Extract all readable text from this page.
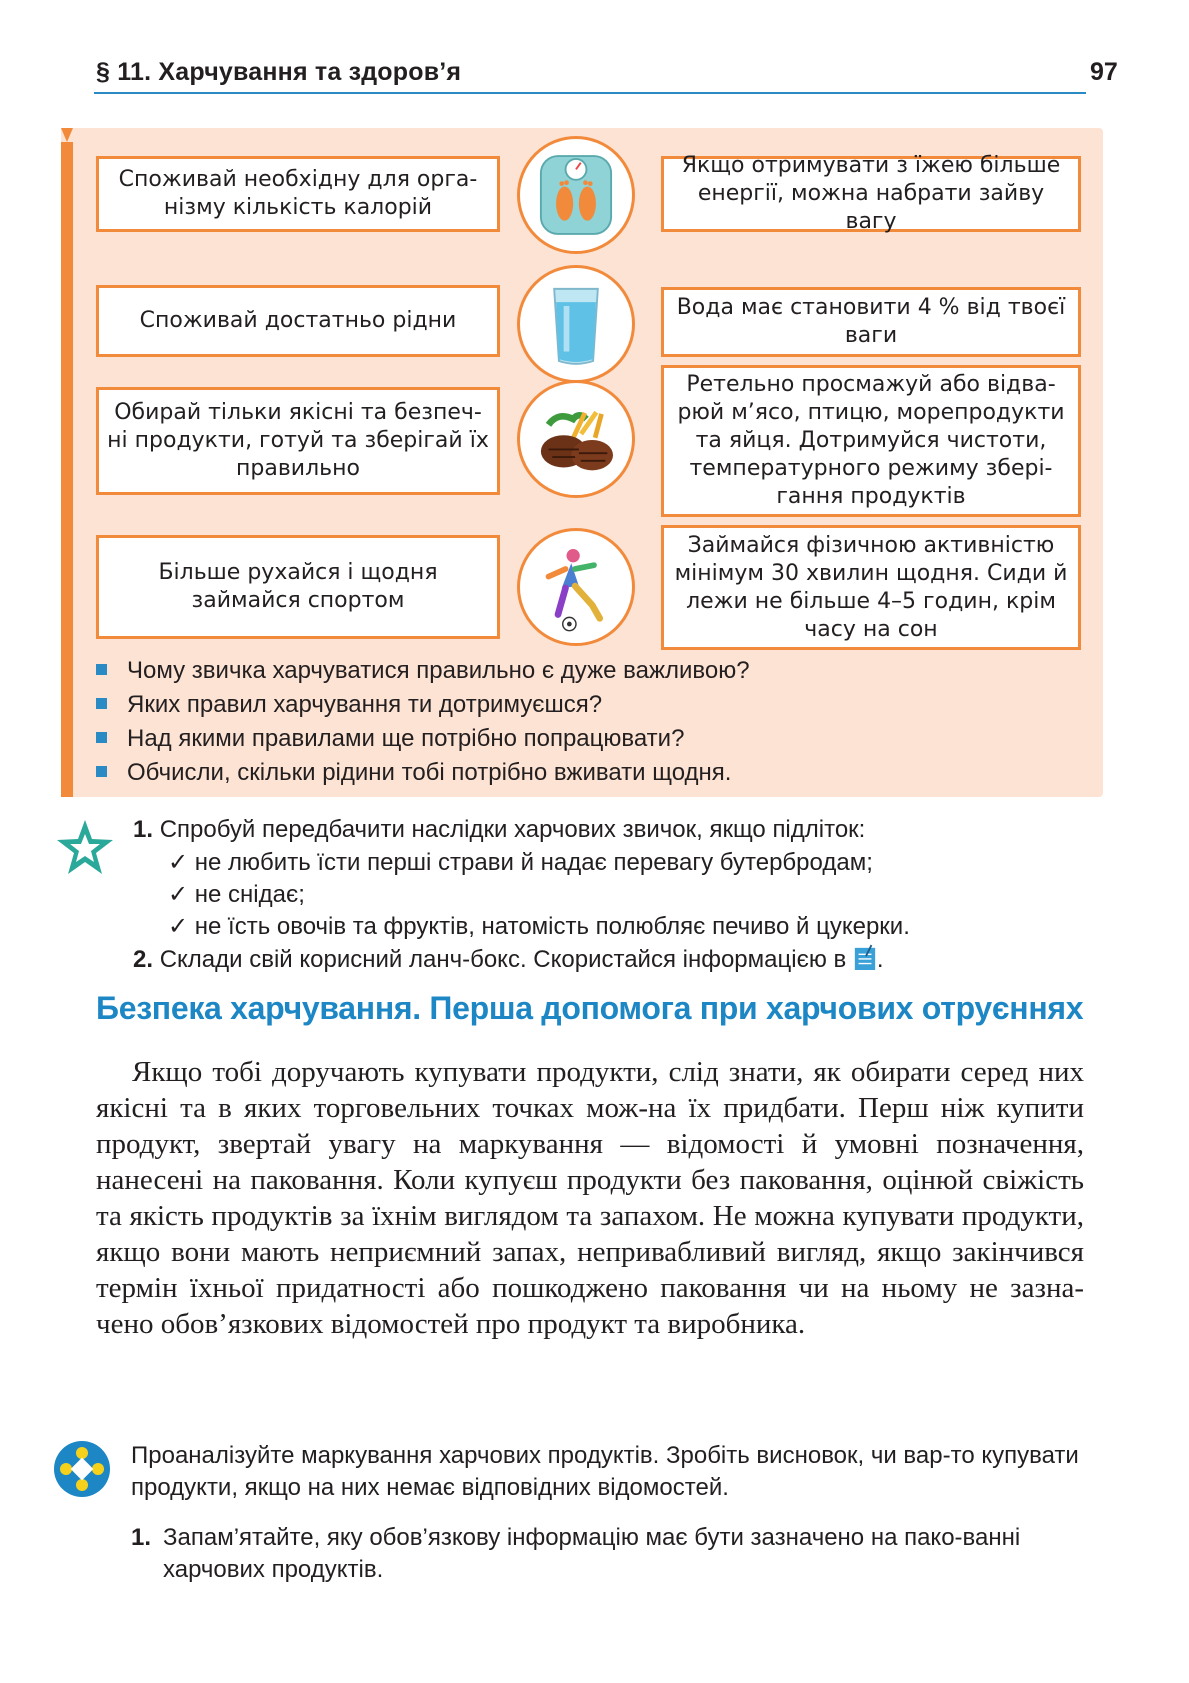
§ 11. Харчування та здоров’я	97
Споживай необхідну для орга-нізму кількість калорій
Якщо отримувати з їжею більше енергії, можна набрати зайву вагу
Споживай достатньо рідни
Вода має становити 4 % від твоєї ваги
Обирай тільки якісні та безпеч-ні продукти, готуй та зберігай їх правильно
Ретельно просмажуй або відва-рюй м’ясо, птицю, морепродукти та яйця. Дотримуйся чистоти, температурного режиму збері-гання продуктів
Більше рухайся і щодня займайся спортом
Займайся фізичною активністю мінімум 30 хвилин щодня. Сиди й лежи не більше 4–5 годин, крім часу на сон
Чому звичка харчуватися правильно є дуже важливою?
Яких правил харчування ти дотримуєшся?
Над якими правилами ще потрібно попрацювати?
Обчисли, скільки рідини тобі потрібно вживати щодня.
1. Спробуй передбачити наслідки харчових звичок, якщо підліток:
✓ не любить їсти перші страви й надає перевагу бутербродам;
✓ не снідає;
✓ не їсть овочів та фруктів, натомість полюбляє печиво й цукерки.
2. Склади свій корисний ланч-бокс. Скористайся інформацією в .
Безпека харчування. Перша допомога при харчових отруєннях

Якщо тобі доручають купувати продукти, слід знати, як обирати серед них якісні та в яких торговельних точках мож-на їх придбати. Перш ніж купити продукт, звертай увагу на маркування — відомості й умовні позначення, нанесені на паковання. Коли купуєш продукти без паковання, оцінюй свіжість та якість продуктів за їхнім виглядом та запахом. Не можна купувати продукти, якщо вони мають неприємний запах, непривабливий вигляд, якщо закінчився термін їхньої придатності або пошкоджено паковання чи на ньому не зазна-чено обов’язкових відомостей про продукт та виробника.

Проаналізуйте маркування харчових продуктів. Зробіть висновок, чи вар-то купувати продукти, якщо на них немає відповідних відомостей.
1. Запам’ятайте, яку обов’язкову інформацію має бути зазначено на пако-ванні харчових продуктів.
